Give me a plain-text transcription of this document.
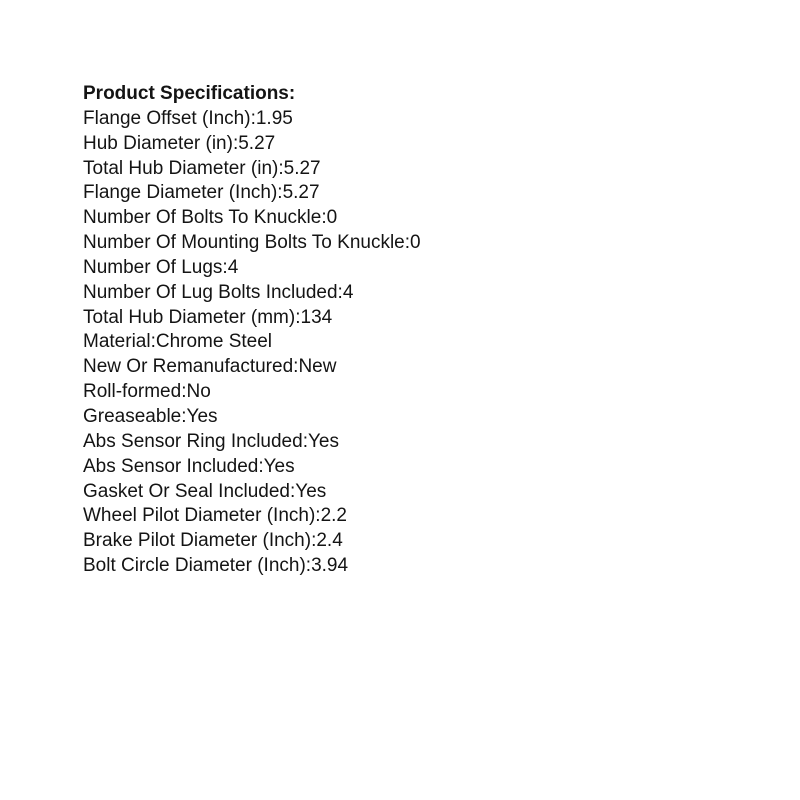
Product Specifications:
Flange Offset (Inch):1.95
Hub Diameter (in):5.27
Total Hub Diameter (in):5.27
Flange Diameter (Inch):5.27
Number Of Bolts To Knuckle:0
Number Of Mounting Bolts To Knuckle:0
Number Of Lugs:4
Number Of Lug Bolts Included:4
Total Hub Diameter (mm):134
Material:Chrome Steel
New Or Remanufactured:New
Roll-formed:No
Greaseable:Yes
Abs Sensor Ring Included:Yes
Abs Sensor Included:Yes
Gasket Or Seal Included:Yes
Wheel Pilot Diameter (Inch):2.2
Brake Pilot Diameter (Inch):2.4
Bolt Circle Diameter (Inch):3.94
